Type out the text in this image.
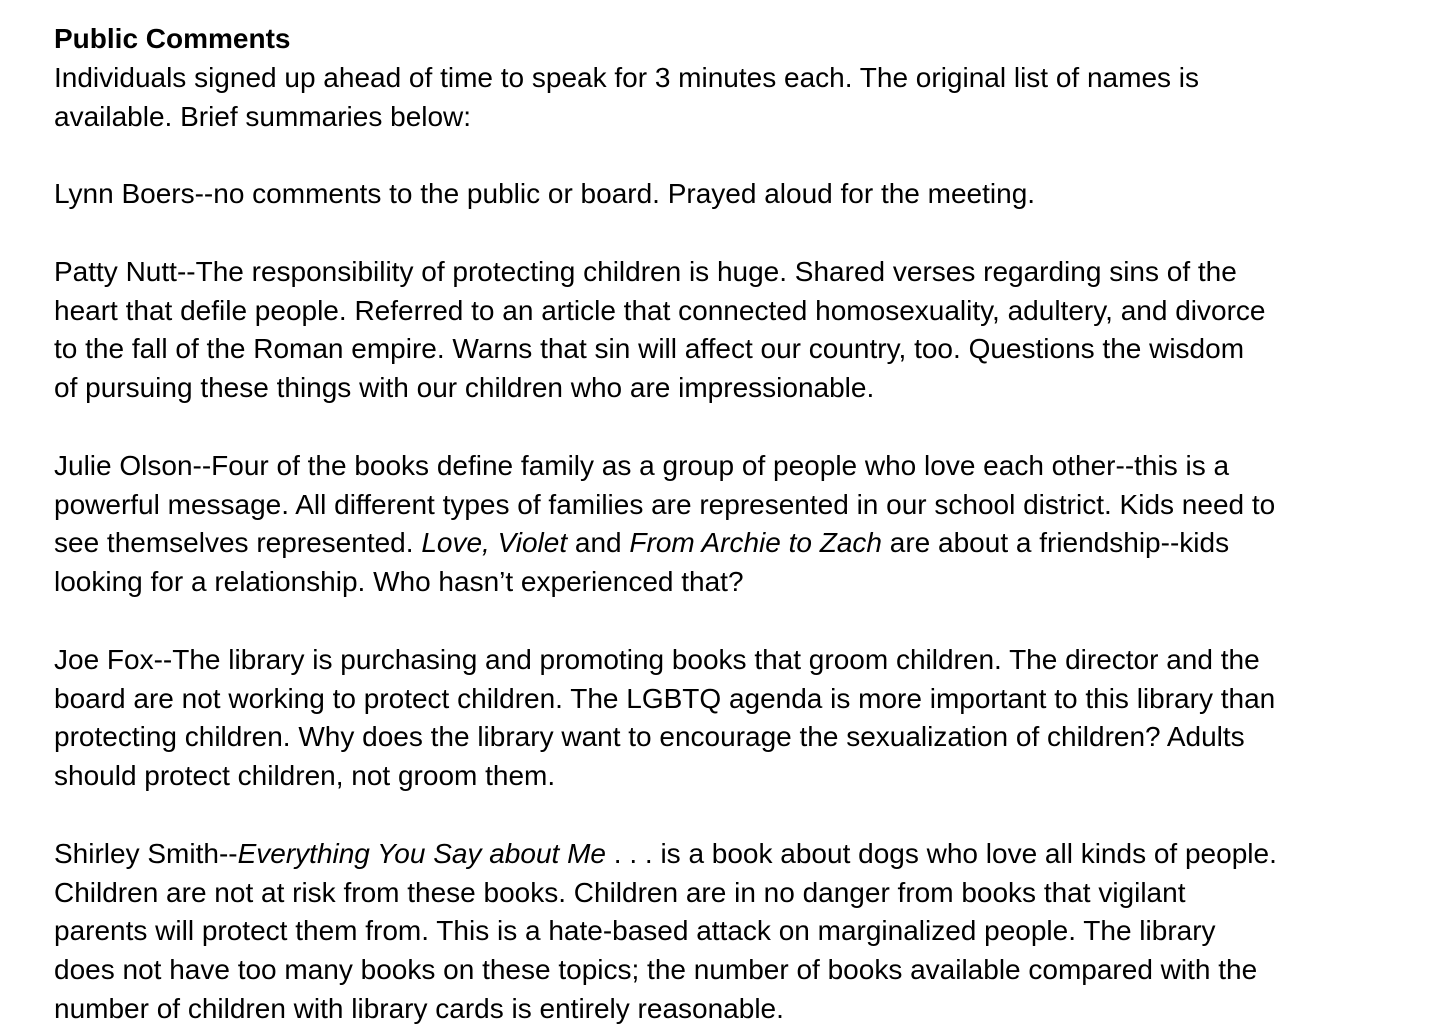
Public Comments

Individuals signed up ahead of time to speak for 3 minutes each. The original list of names is
available. Brief summaries below:

Lynn Boers--no comments to the public or board. Prayed aloud for the meeting.

Patty Nutt--The responsibility of protecting children is huge. Shared verses regarding sins of the
heart that defile people. Referred to an article that connected homosexuality, adultery, and divorce
to the fall of the Roman empire. Warns that sin will affect our country, too. Questions the wisdom
of pursuing these things with our children who are impressionable.

Julie Olson--Four of the books define family as a group of people who love each other--this is a
powerful message. All different types of families are represented in our school district. Kids need to
see themselves represented. Love, Violet and From Archie to Zach are about a friendship--kids
looking for a relationship. Who hasn’t experienced that?

Joe Fox--The library is purchasing and promoting books that groom children. The director and the
board are not working to protect children. The LGBTQ agenda is more important to this library than
protecting children. Why does the library want to encourage the sexualization of children? Adults
should protect children, not groom them.

Shirley Smith--Everything You Say about Me . . . is a book about dogs who love all kinds of people.
Children are not at risk from these books. Children are in no danger from books that vigilant
parents will protect them from. This is a hate-based attack on marginalized people. The library
does not have too many books on these topics; the number of books available compared with the
number of children with library cards is entirely reasonable.
